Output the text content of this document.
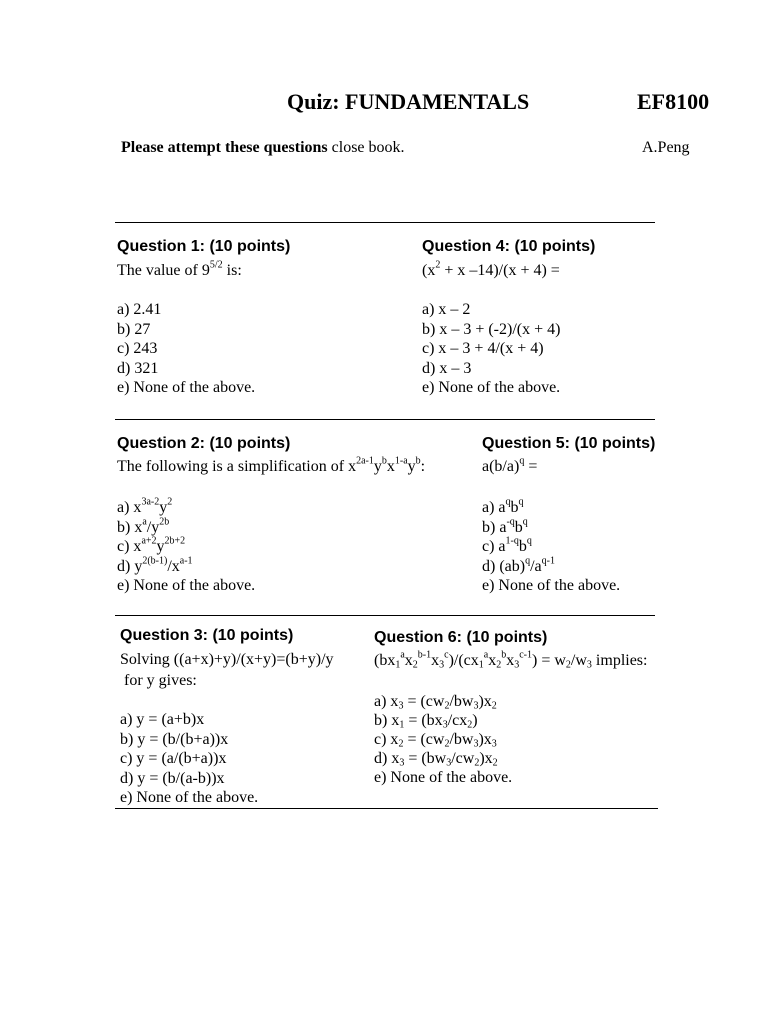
Quiz: FUNDAMENTALS	EF8100
Please attempt these questions close book.	A.Peng
Question 1: (10 points)
The value of $9^{5/2}$ is:
a) 2.41
b) 27
c) 243
d) 321
e) None of the above.
Question 4: (10 points)
($x^2 + x$ –14)/(x + 4) =
a) x – 2
b) x – 3 + (-2)/(x + 4)
c) x – 3 + 4/(x + 4)
d) x – 3
e) None of the above.
Question 2: (10 points)
The following is a simplification of $x^{2a-1}y^bx^{1-a}y^b$:
a) $x^{3a-2}y^2$
b) $x^a/y^{2b}$
c) $x^{a+2}y^{2b+2}$
d) $y^{2(b-1)}/x^{a-1}$
e) None of the above.
Question 5: (10 points)
$a(b/a)^q$ =
a) $a^qb^q$
b) $a^{-q}b^q$
c) $a^{1-q}b^q$
d) $(ab)^q/a^{q-1}$
e) None of the above.
Question 3: (10 points)
Solving ((a+x)+y)/(x+y)=(b+y)/y
for y gives:
a) y = (a+b)x
b) y = (b/(b+a))x
c) y = (a/(b+a))x
d) y = (b/(a-b))x
e) None of the above.
Question 6: (10 points)
$(bx_1^ax_2^{b-1}x_3^c)/(cx_1^ax_2^bx_3^{c-1}) = w_2/w_3$ implies:
a) $x_3 = (cw_2/bw_3)x_2$
b) $x_1 = (bx_3/cx_2)$
c) $x_2 = (cw_2/bw_3)x_3$
d) $x_3 = (bw_3/cw_2)x_2$
e) None of the above.
